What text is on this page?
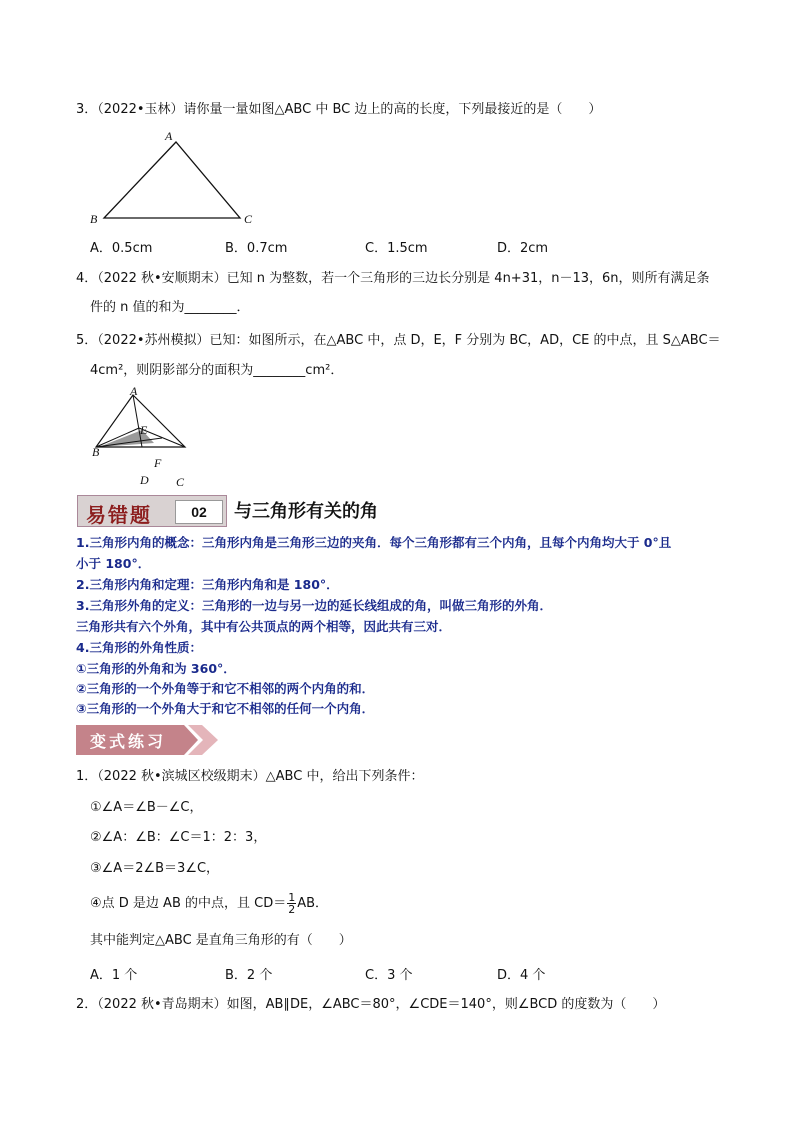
3．（2022•玉林）请你量一量如图△ABC 中 BC 边上的高的长度，下列最接近的是（　　）
A
B	C
A．0.5cm	B．0.7cm	C．1.5cm	D．2cm
4．（2022 秋•安顺期末）已知 n 为整数，若一个三角形的三边长分别是 4n+31，n－13，6n，则所有满足条
件的 n 值的和为________．
5．（2022•苏州模拟）已知：如图所示，在△ABC 中，点 D，E，F 分别为 BC，AD，CE 的中点，且 S△ABC＝
4cm²，则阴影部分的面积为________cm²．
A
E
F
B
D C
易错题	02	与三角形有关的角
1.三角形内角的概念：三角形内角是三角形三边的夹角．每个三角形都有三个内角，且每个内角均大于 0°且
小于 180°．
2.三角形内角和定理：三角形内角和是 180°．
3.三角形外角的定义：三角形的一边与另一边的延长线组成的角，叫做三角形的外角．
三角形共有六个外角，其中有公共顶点的两个相等，因此共有三对．
4.三角形的外角性质：
①三角形的外角和为 360°．
②三角形的一个外角等于和它不相邻的两个内角的和．
③三角形的一个外角大于和它不相邻的任何一个内角．
变式练习
1．（2022 秋•滨城区校级期末）△ABC 中，给出下列条件：
①∠A＝∠B－∠C，
②∠A：∠B：∠C＝1：2：3，
③∠A＝2∠B＝3∠C，
④点 D 是边 AB 的中点，且 $CD= \frac{1}{2}$ AB．
其中能判定△ABC 是直角三角形的有（　　）
A．1 个	B．2 个	C．3 个	D．4 个
2．（2022 秋•青岛期末）如图，AB∥DE，∠ABC＝80°，∠CDE＝140°，则∠BCD 的度数为（　　）
